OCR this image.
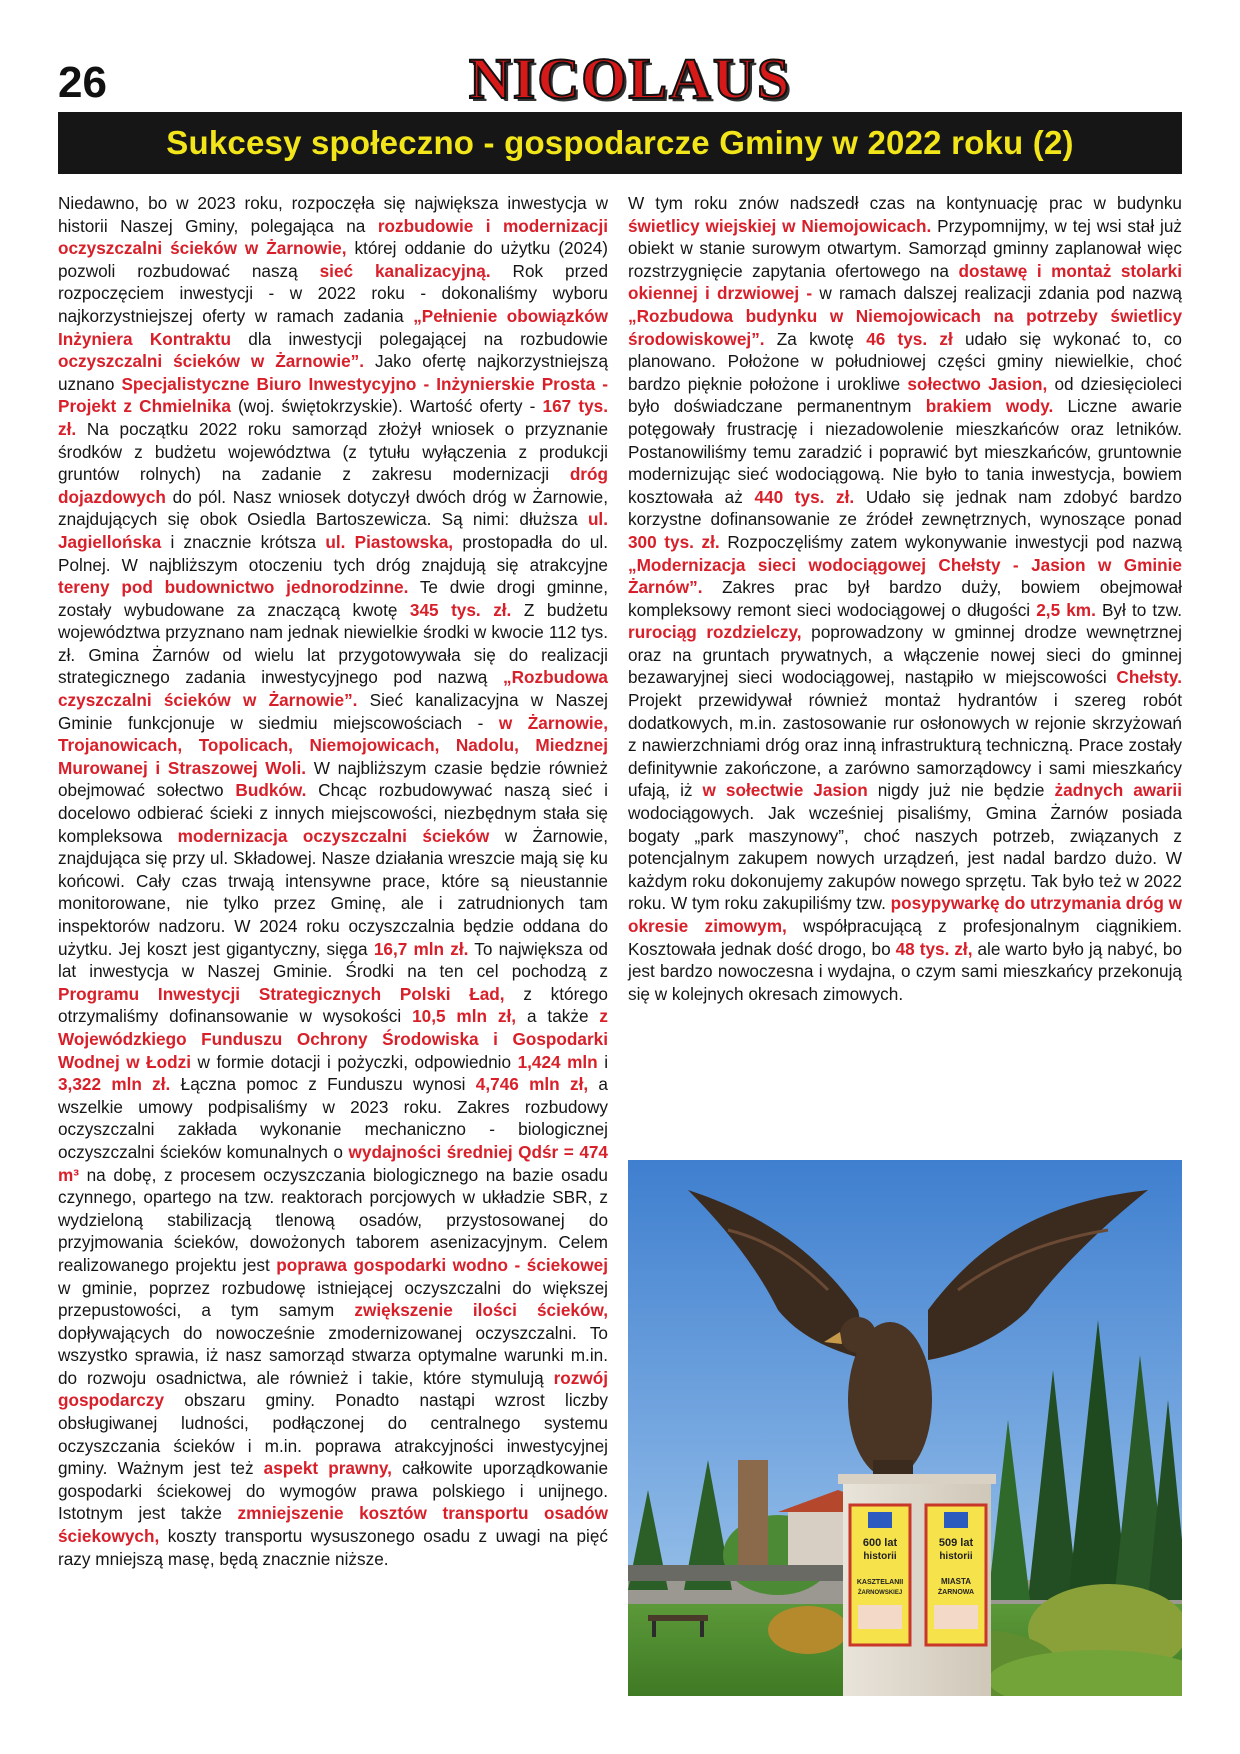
26	NICOLAUS
Sukcesy społeczno - gospodarcze Gminy w 2022 roku (2)

Niedawno, bo w 2023 roku, rozpoczęła się największa inwestycja w historii Naszej Gminy, polegająca na rozbudowie i modernizacji oczyszczalni ścieków w Żarnowie, której oddanie do użytku (2024) pozwoli rozbudować naszą sieć kanalizacyjną. Rok przed rozpoczęciem inwestycji - w 2022 roku - dokonaliśmy wyboru najkorzystniejszej oferty w ramach zadania „Pełnienie obowiązków Inżyniera Kontraktu dla inwestycji polegającej na rozbudowie oczyszczalni ścieków w Żarnowie”. Jako ofertę najkorzystniejszą uznano Specjalistyczne Biuro Inwestycyjno - Inżynierskie Prosta - Projekt z Chmielnika (woj. świętokrzyskie). Wartość oferty - 167 tys. zł. Na początku 2022 roku samorząd złożył wniosek o przyznanie środków z budżetu województwa (z tytułu wyłączenia z produkcji gruntów rolnych) na zadanie z zakresu modernizacji dróg dojazdowych do pól. Nasz wniosek dotyczył dwóch dróg w Żarnowie, znajdujących się obok Osiedla Bartoszewicza. Są nimi: dłuższa ul. Jagiellońska i znacznie krótsza ul. Piastowska, prostopadła do ul. Polnej. W najbliższym otoczeniu tych dróg znajdują się atrakcyjne tereny pod budownictwo jednorodzinne. Te dwie drogi gminne, zostały wybudowane za znaczącą kwotę 345 tys. zł. Z budżetu województwa przyznano nam jednak niewielkie środki w kwocie 112 tys. zł. Gmina Żarnów od wielu lat przygotowywała się do realizacji strategicznego zadania inwestycyjnego pod nazwą „Rozbudowa czyszczalni ścieków w Żarnowie”. Sieć kanalizacyjna w Naszej Gminie funkcjonuje w siedmiu miejscowościach - w Żarnowie, Trojanowicach, Topolicach, Niemojowicach, Nadolu, Miedznej Murowanej i Straszowej Woli. W najbliższym czasie będzie również obejmować sołectwo Budków. Chcąc rozbudowywać naszą sieć i docelowo odbierać ścieki z innych miejscowości, niezbędnym stała się kompleksowa modernizacja oczyszczalni ścieków w Żarnowie, znajdująca się przy ul. Składowej. Nasze działania wreszcie mają się ku końcowi. Cały czas trwają intensywne prace, które są nieustannie monitorowane, nie tylko przez Gminę, ale i zatrudnionych tam inspektorów nadzoru. W 2024 roku oczyszczalnia będzie oddana do użytku. Jej koszt jest gigantyczny, sięga 16,7 mln zł. To największa od lat inwestycja w Naszej Gminie. Środki na ten cel pochodzą z Programu Inwestycji Strategicznych Polski Ład, z którego otrzymaliśmy dofinansowanie w wysokości 10,5 mln zł, a także z Wojewódzkiego Funduszu Ochrony Środowiska i Gospodarki Wodnej w Łodzi w formie dotacji i pożyczki, odpowiednio 1,424 mln i 3,322 mln zł. Łączna pomoc z Funduszu wynosi 4,746 mln zł, a wszelkie umowy podpisaliśmy w 2023 roku. Zakres rozbudowy oczyszczalni zakłada wykonanie mechaniczno - biologicznej oczyszczalni ścieków komunalnych o wydajności średniej Qdśr = 474 m³ na dobę, z procesem oczyszczania biologicznego na bazie osadu czynnego, opartego na tzw. reaktorach porcjowych w układzie SBR, z wydzieloną stabilizacją tlenową osadów, przystosowanej do przyjmowania ścieków, dowożonych taborem asenizacyjnym. Celem realizowanego projektu jest poprawa gospodarki wodno - ściekowej w gminie, poprzez rozbudowę istniejącej oczyszczalni do większej przepustowości, a tym samym zwiększenie ilości ścieków, dopływających do nowocześnie zmodernizowanej oczyszczalni. To wszystko sprawia, iż nasz samorząd stwarza optymalne warunki m.in. do rozwoju osadnictwa, ale również i takie, które stymulują rozwój gospodarczy obszaru gminy. Ponadto nastąpi wzrost liczby obsługiwanej ludności, podłączonej do centralnego systemu oczyszczania ścieków i m.in. poprawa atrakcyjności inwestycyjnej gminy. Ważnym jest też aspekt prawny, całkowite uporządkowanie gospodarki ściekowej do wymogów prawa polskiego i unijnego. Istotnym jest także zmniejszenie kosztów transportu osadów ściekowych, koszty transportu wysuszonego osadu z uwagi na pięć razy mniejszą masę, będą znacznie niższe.

W tym roku znów nadszedł czas na kontynuację prac w budynku świetlicy wiejskiej w Niemojowicach. Przypomnijmy, w tej wsi stał już obiekt w stanie surowym otwartym. Samorząd gminny zaplanował więc rozstrzygnięcie zapytania ofertowego na dostawę i montaż stolarki okiennej i drzwiowej - w ramach dalszej realizacji zdania pod nazwą „Rozbudowa budynku w Niemojowicach na potrzeby świetlicy środowiskowej”. Za kwotę 46 tys. zł udało się wykonać to, co planowano. Położone w południowej części gminy niewielkie, choć bardzo pięknie położone i urokliwe sołectwo Jasion, od dziesięcioleci było doświadczane permanentnym brakiem wody. Liczne awarie potęgowały frustrację i niezadowolenie mieszkańców oraz letników. Postanowiliśmy temu zaradzić i poprawić byt mieszkańców, gruntownie modernizując sieć wodociągową. Nie było to tania inwestycja, bowiem kosztowała aż 440 tys. zł. Udało się jednak nam zdobyć bardzo korzystne dofinansowanie ze źródeł zewnętrznych, wynoszące ponad 300 tys. zł. Rozpoczęliśmy zatem wykonywanie inwestycji pod nazwą „Modernizacja sieci wodociągowej Chełsty - Jasion w Gminie Żarnów”. Zakres prac był bardzo duży, bowiem obejmował kompleksowy remont sieci wodociągowej o długości 2,5 km. Był to tzw. rurociąg rozdzielczy, poprowadzony w gminnej drodze wewnętrznej oraz na gruntach prywatnych, a włączenie nowej sieci do gminnej bezawaryjnej sieci wodociągowej, nastąpiło w miejscowości Chełsty. Projekt przewidywał również montaż hydrantów i szereg robót dodatkowych, m.in. zastosowanie rur osłonowych w rejonie skrzyżowań z nawierzchniami dróg oraz inną infrastrukturą techniczną. Prace zostały definitywnie zakończone, a zarówno samorządowcy i sami mieszkańcy ufają, iż w sołectwie Jasion nigdy już nie będzie żadnych awarii wodociągowych. Jak wcześniej pisaliśmy, Gmina Żarnów posiada bogaty „park maszynowy”, choć naszych potrzeb, związanych z potencjalnym zakupem nowych urządzeń, jest nadal bardzo dużo. W każdym roku dokonujemy zakupów nowego sprzętu. Tak było też w 2022 roku. W tym roku zakupiliśmy tzw. posypywarkę do utrzymania dróg w okresie zimowym, współpracującą z profesjonalnym ciągnikiem. Kosztowała jednak dość drogo, bo 48 tys. zł, ale warto było ją nabyć, bo jest bardzo nowoczesna i wydajna, o czym sami mieszkańcy przekonują się w kolejnych okresach zimowych.

600 lat
historii
KASZTELANII
ŻARNOWSKIEJ
509 lat
historii
MIASTA
ŻARNOWA
